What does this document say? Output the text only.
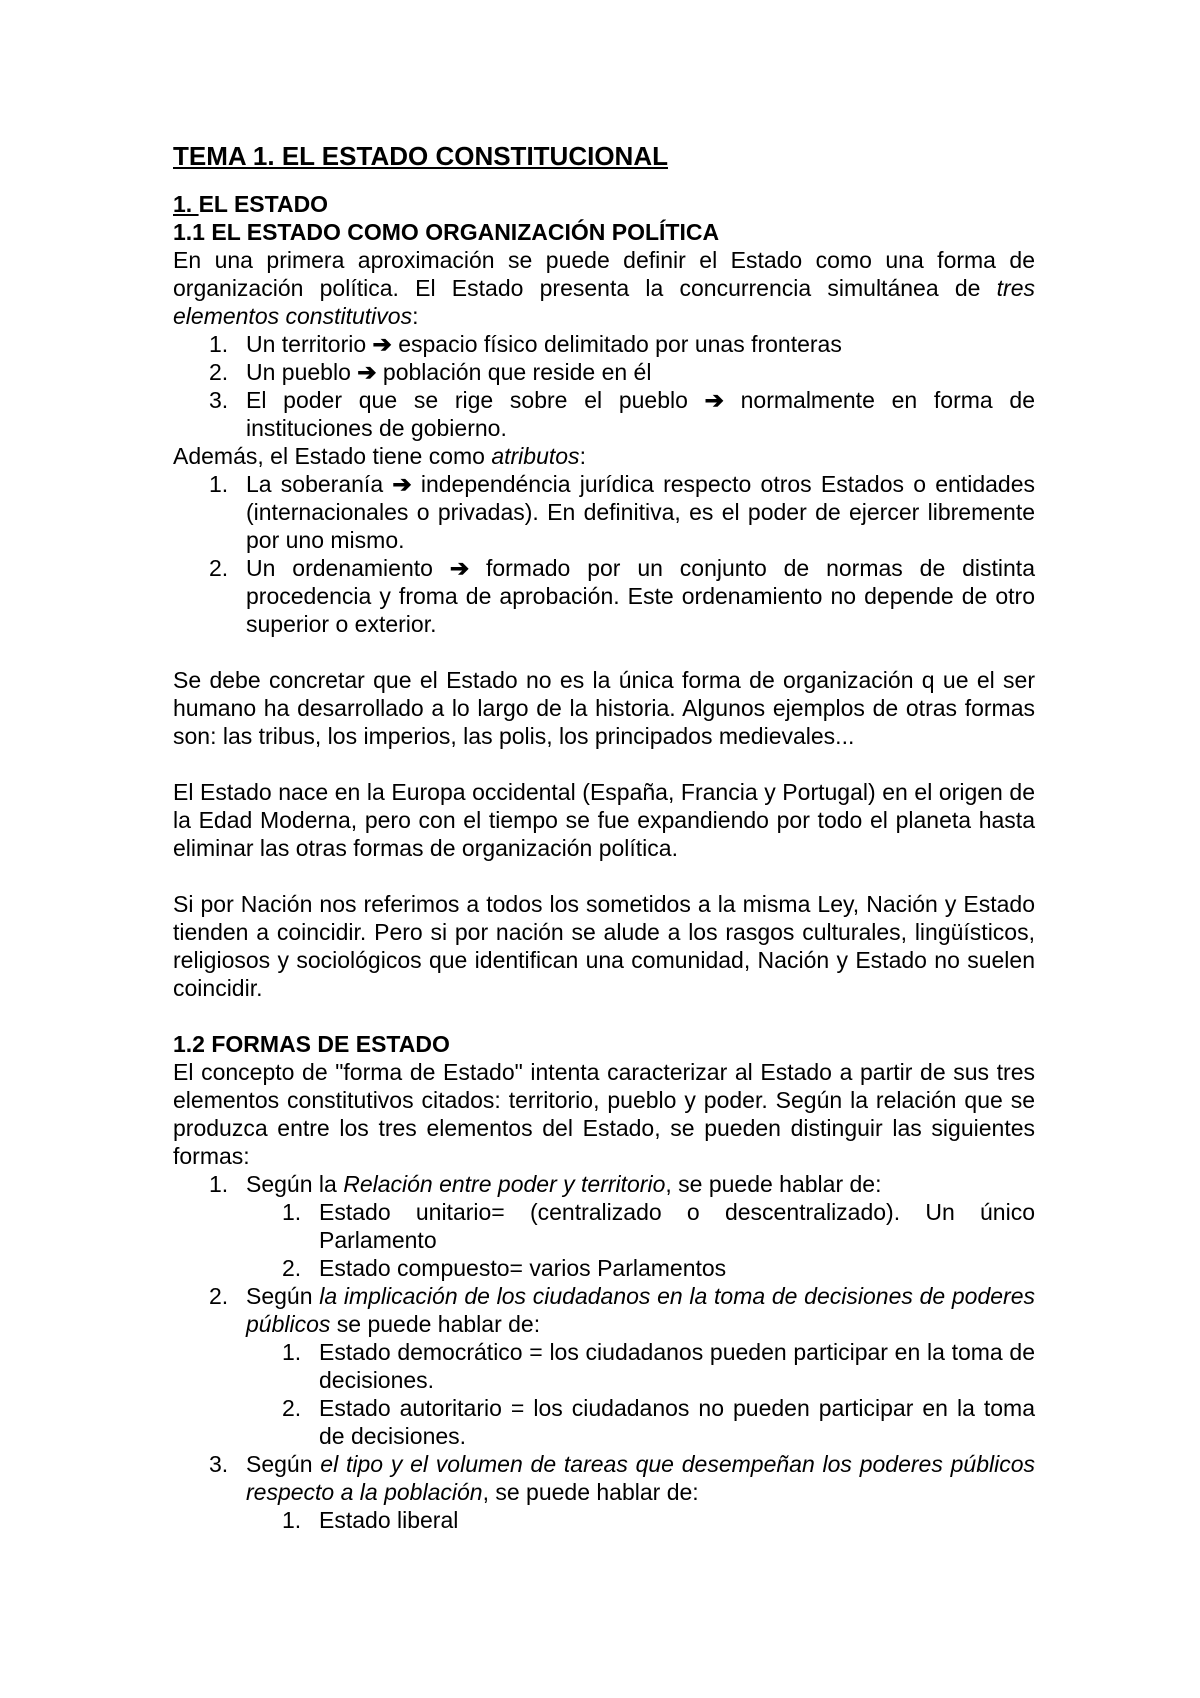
TEMA 1. EL ESTADO CONSTITUCIONAL
1. EL ESTADO
1.1 EL ESTADO COMO ORGANIZACIÓN POLÍTICA

En una primera aproximación se puede definir el Estado como una forma de organización política. El Estado presenta la concurrencia simultánea de tres elementos constitutivos:

1. Un territorio ➔ espacio físico delimitado por unas fronteras
2. Un pueblo ➔ población que reside en él
3. El poder que se rige sobre el pueblo ➔ normalmente en forma de instituciones de gobierno.

Además, el Estado tiene como atributos:

1. La soberanía ➔ independéncia jurídica respecto otros Estados o entidades (internacionales o privadas). En definitiva, es el poder de ejercer libremente por uno mismo.
2. Un ordenamiento ➔ formado por un conjunto de normas de distinta procedencia y froma de aprobación. Este ordenamiento no depende de otro superior o exterior.

Se debe concretar que el Estado no es la única forma de organización q ue el ser humano ha desarrollado a lo largo de la historia. Algunos ejemplos de otras formas son: las tribus, los imperios, las polis, los principados medievales...

El Estado nace en la Europa occidental (España, Francia y Portugal) en el origen de la Edad Moderna, pero con el tiempo se fue expandiendo por todo el planeta hasta eliminar las otras formas de organización política.

Si por Nación nos referimos a todos los sometidos a la misma Ley, Nación y Estado tienden a coincidir. Pero si por nación se alude a los rasgos culturales, lingüísticos, religiosos y sociológicos que identifican una comunidad, Nación y Estado no suelen coincidir.

1.2 FORMAS DE ESTADO

El concepto de "forma de Estado" intenta caracterizar al Estado a partir de sus tres elementos constitutivos citados: territorio, pueblo y poder. Según la relación que se produzca entre los tres elementos del Estado, se pueden distinguir las siguientes formas:

1. Según la Relación entre poder y territorio, se puede hablar de:
1. Estado unitario= (centralizado o descentralizado). Un único Parlamento
2. Estado compuesto= varios Parlamentos
2. Según la implicación de los ciudadanos en la toma de decisiones de poderes públicos se puede hablar de:
1. Estado democrático = los ciudadanos pueden participar en la toma de decisiones.
2. Estado autoritario = los ciudadanos no pueden participar en la toma de decisiones.
3. Según el tipo y el volumen de tareas que desempeñan los poderes públicos respecto a la población, se puede hablar de:
1. Estado liberal
